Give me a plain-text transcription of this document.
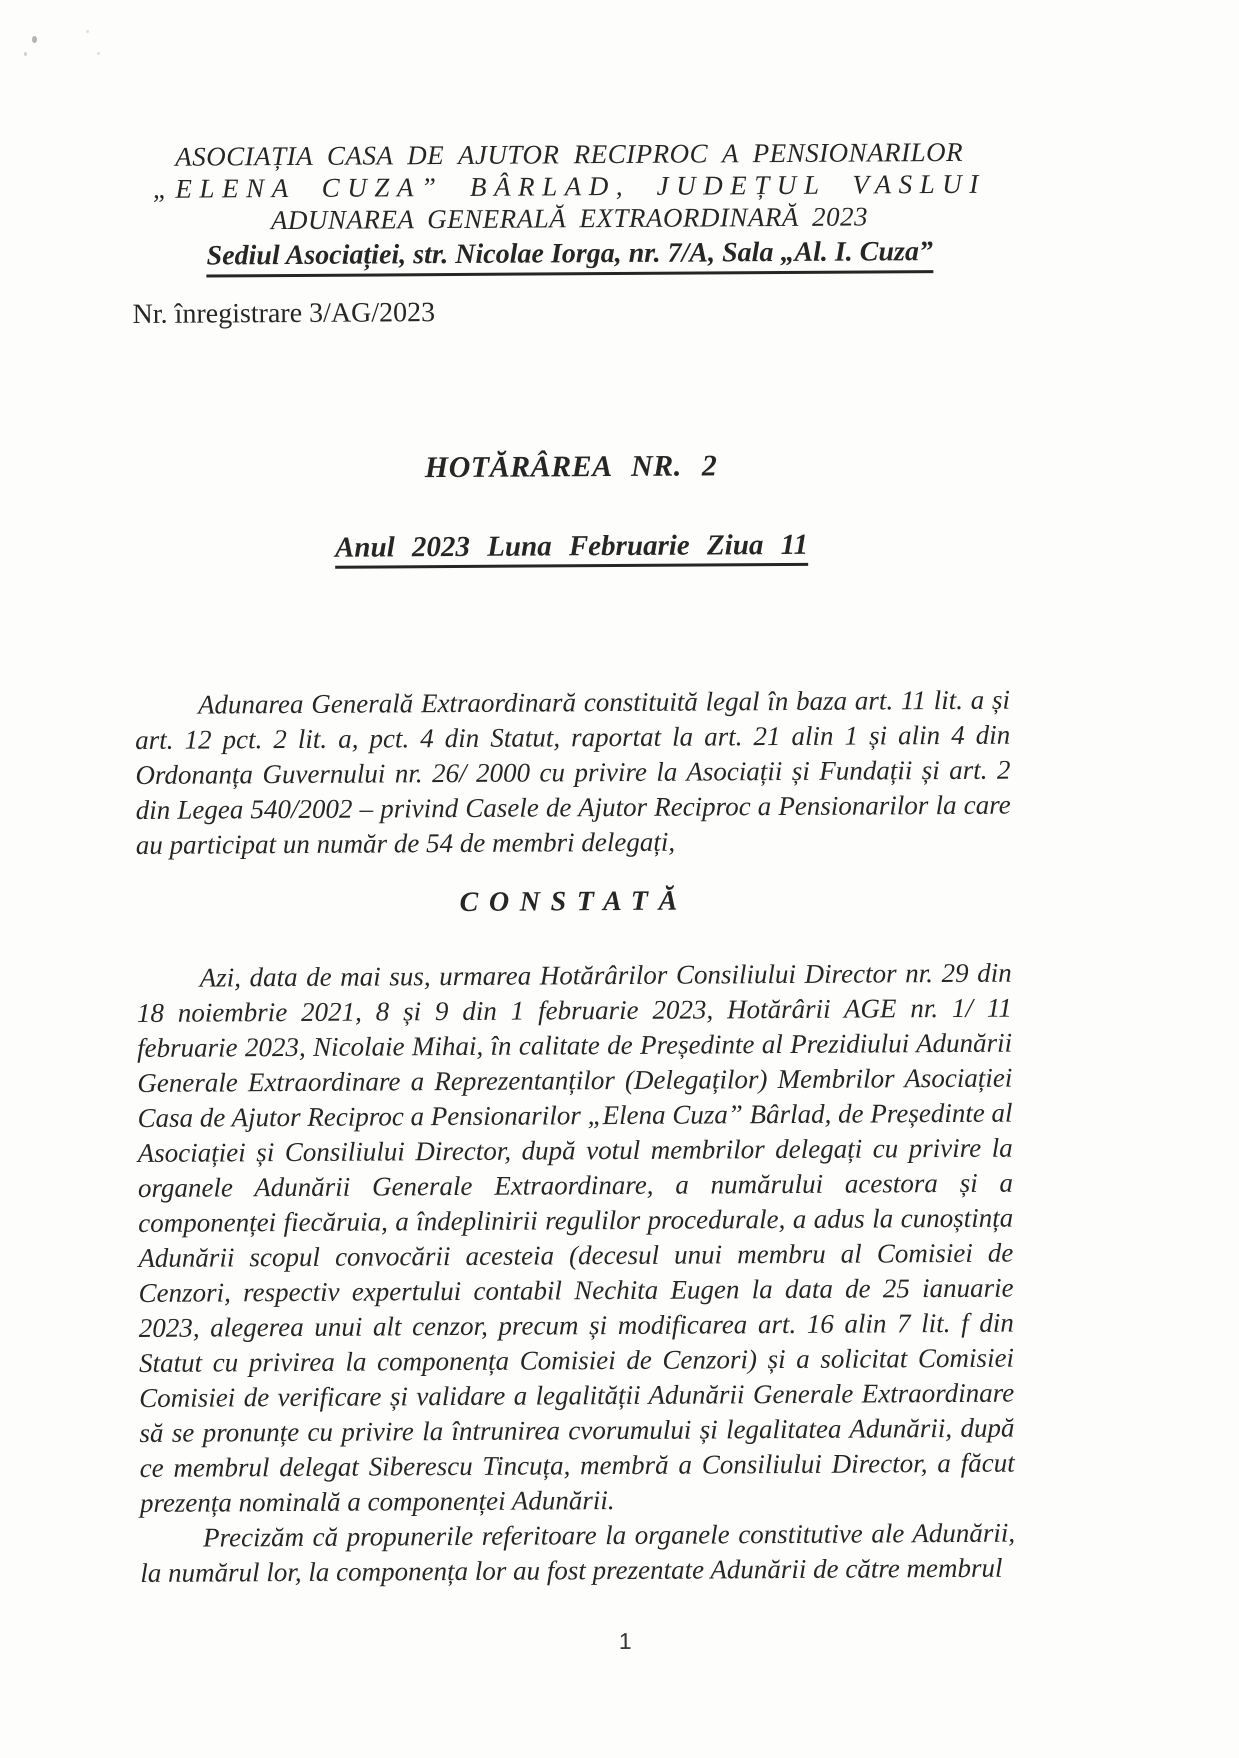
ASOCIAȚIA CASA DE AJUTOR RECIPROC A PENSIONARILOR
„ELENA CUZA” BÂRLAD, JUDEȚUL VASLUI
ADUNAREA GENERALĂ EXTRAORDINARĂ 2023
Sediul Asociației, str. Nicolae Iorga, nr. 7/A, Sala „Al. I. Cuza”
Nr. înregistrare 3/AG/2023
HOTĂRÂREA NR. 2
Anul 2023 Luna Februarie Ziua 11
Adunarea Generală Extraordinară constituită legal în baza art. 11 lit. a și art. 12 pct. 2 lit. a, pct. 4 din Statut, raportat la art. 21 alin 1 și alin 4 din Ordonanța Guvernului nr. 26/ 2000 cu privire la Asociații și Fundații și art. 2 din Legea 540/2002 – privind Casele de Ajutor Reciproc a Pensionarilor la care au participat un număr de 54 de membri delegați,
CONSTATĂ
Azi, data de mai sus, urmarea Hotărârilor Consiliului Director nr. 29 din 18 noiembrie 2021, 8 și 9 din 1 februarie 2023, Hotărârii AGE nr. 1/ 11 februarie 2023, Nicolaie Mihai, în calitate de Președinte al Prezidiului Adunării Generale Extraordinare a Reprezentanților (Delegaților) Membrilor Asociației Casa de Ajutor Reciproc a Pensionarilor „Elena Cuza” Bârlad, de Președinte al Asociației și Consiliului Director, după votul membrilor delegați cu privire la organele Adunării Generale Extraordinare, a numărului acestora și a componenței fiecăruia, a îndeplinirii regulilor procedurale, a adus la cunoștința Adunării scopul convocării acesteia (decesul unui membru al Comisiei de Cenzori, respectiv expertului contabil Nechita Eugen la data de 25 ianuarie 2023, alegerea unui alt cenzor, precum și modificarea art. 16 alin 7 lit. f din Statut cu privirea la componența Comisiei de Cenzori) și a solicitat Comisiei Comisiei de verificare și validare a legalității Adunării Generale Extraordinare să se pronunțe cu privire la întrunirea cvorumului și legalitatea Adunării, după ce membrul delegat Siberescu Tincuța, membră a Consiliului Director, a făcut prezența nominală a componenței Adunării.
Precizăm că propunerile referitoare la organele constitutive ale Adunării, la numărul lor, la componența lor au fost prezentate Adunării de către membrul
1
